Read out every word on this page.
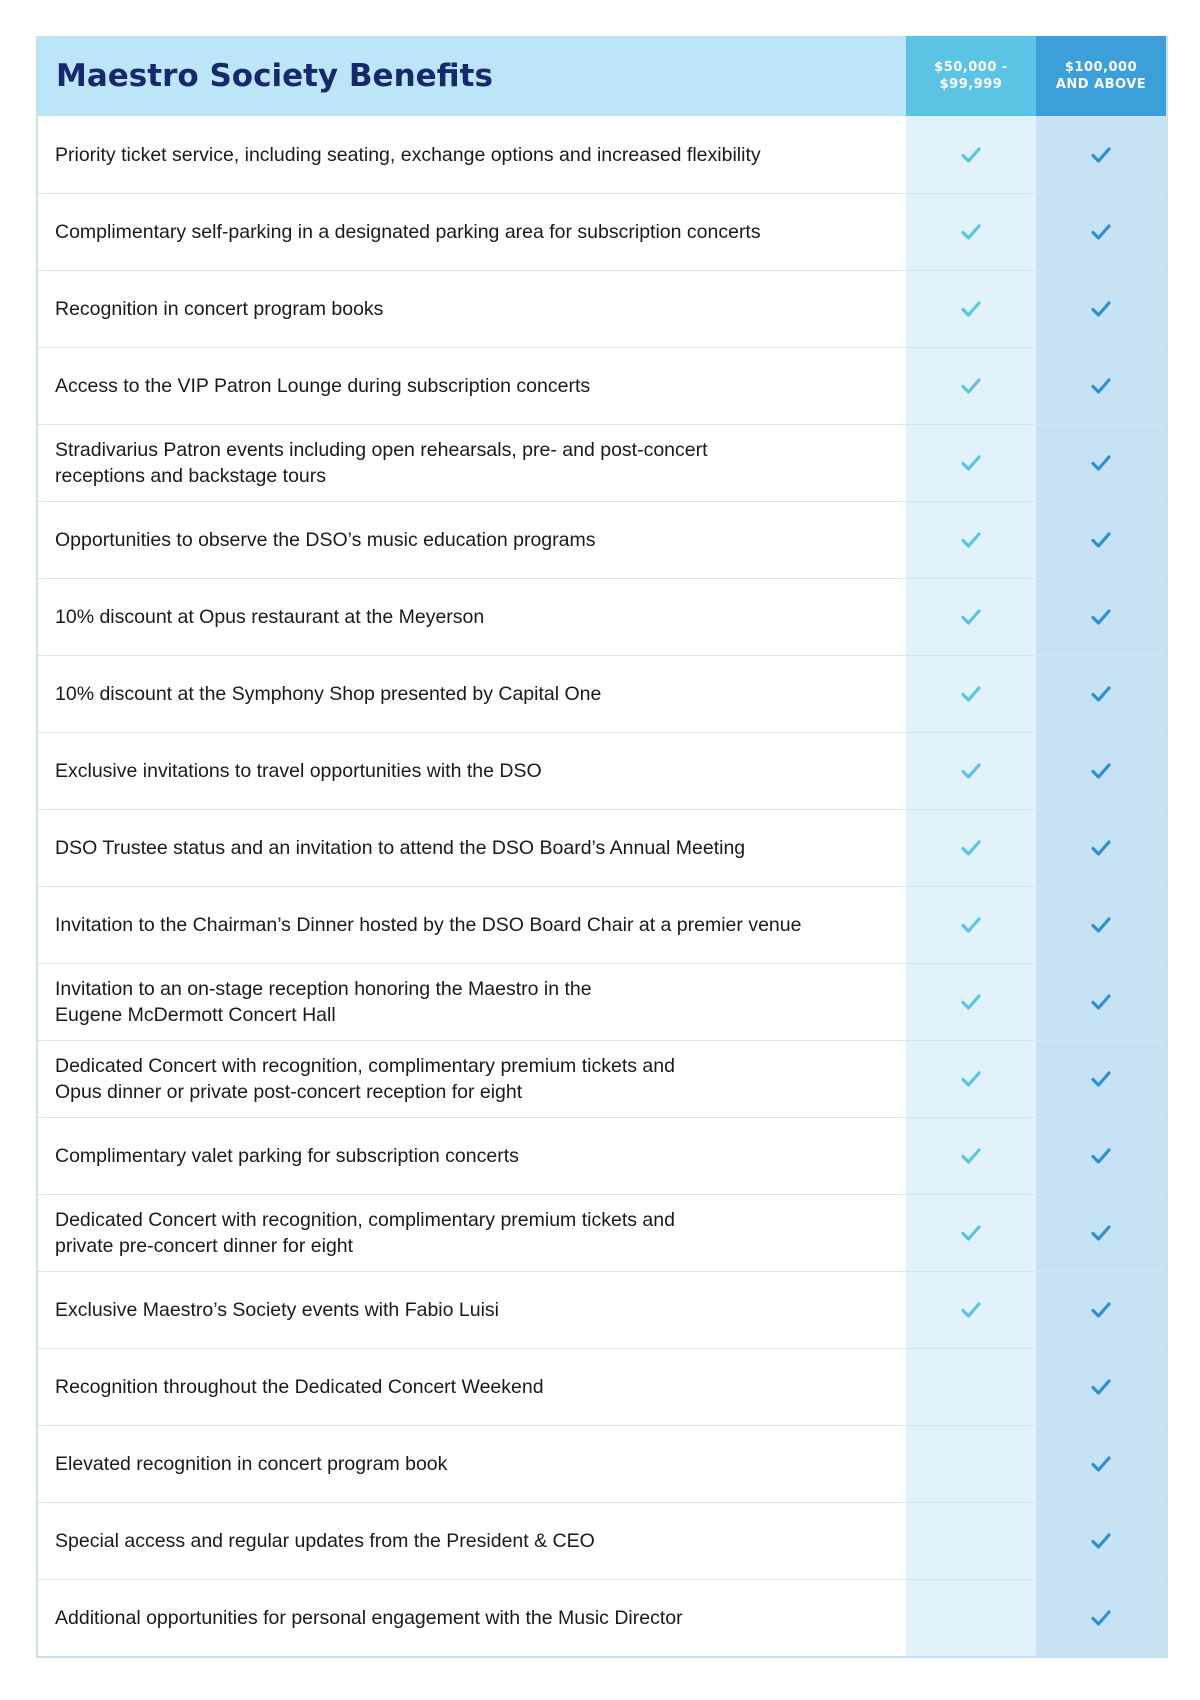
Maestro Society Benefits	$50,000 -
$99,999
$100,000
AND ABOVE
Priority ticket service, including seating, exchange options and increased flexibility
Complimentary self-parking in a designated parking area for subscription concerts
Recognition in concert program books
Access to the VIP Patron Lounge during subscription concerts
Stradivarius Patron events including open rehearsals, pre- and post-concert
receptions and backstage tours
Opportunities to observe the DSO’s music education programs
10% discount at Opus restaurant at the Meyerson
10% discount at the Symphony Shop presented by Capital One
Exclusive invitations to travel opportunities with the DSO
DSO Trustee status and an invitation to attend the DSO Board’s Annual Meeting
Invitation to the Chairman’s Dinner hosted by the DSO Board Chair at a premier venue
Invitation to an on-stage reception honoring the Maestro in the
Eugene McDermott Concert Hall
Dedicated Concert with recognition, complimentary premium tickets and
Opus dinner or private post-concert reception for eight
Complimentary valet parking for subscription concerts
Dedicated Concert with recognition, complimentary premium tickets and
private pre-concert dinner for eight
Exclusive Maestro’s Society events with Fabio Luisi
Recognition throughout the Dedicated Concert Weekend
Elevated recognition in concert program book
Special access and regular updates from the President & CEO
Additional opportunities for personal engagement with the Music Director
